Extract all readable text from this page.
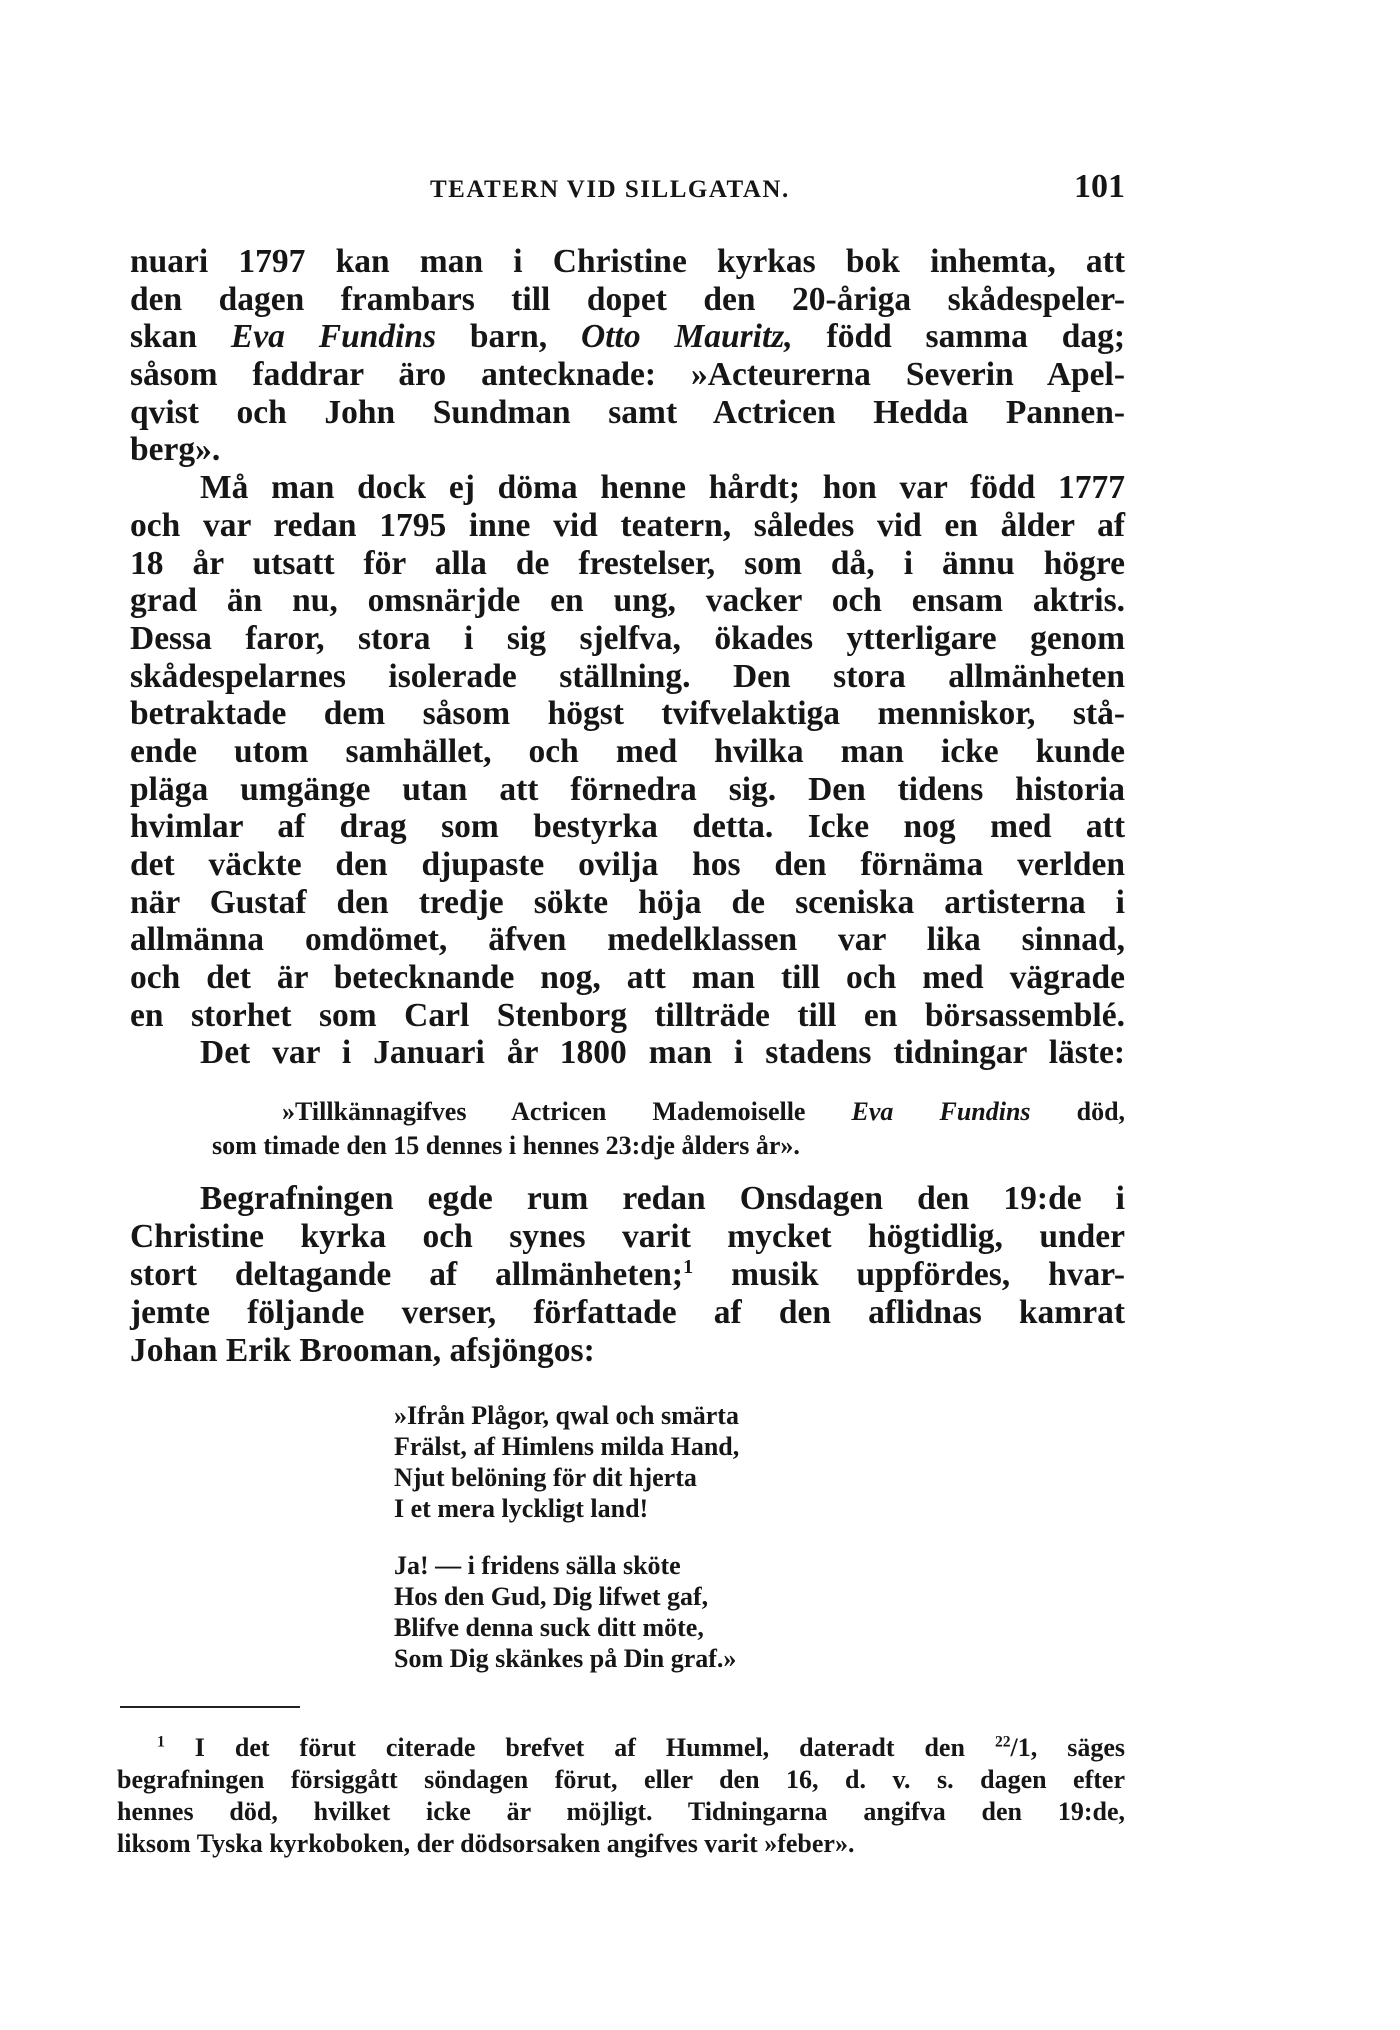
TEATERN VID SILLGATAN.	101
nuari 1797 kan man i Christine kyrkas bok inhemta, att
den dagen frambars till dopet den 20-åriga skådespeler-
skan Eva Fundins barn, Otto Mauritz, född samma dag;
såsom faddrar äro antecknade: »Acteurerna Severin Apel-
qvist och John Sundman samt Actricen Hedda Pannen-
berg».
Må man dock ej döma henne hårdt; hon var född 1777
och var redan 1795 inne vid teatern, således vid en ålder af
18 år utsatt för alla de frestelser, som då, i ännu högre
grad än nu, omsnärjde en ung, vacker och ensam aktris.
Dessa faror, stora i sig sjelfva, ökades ytterligare genom
skådespelarnes isolerade ställning. Den stora allmänheten
betraktade dem såsom högst tvifvelaktiga menniskor, stå-
ende utom samhället, och med hvilka man icke kunde
pläga umgänge utan att förnedra sig. Den tidens historia
hvimlar af drag som bestyrka detta. Icke nog med att
det väckte den djupaste ovilja hos den förnäma verlden
när Gustaf den tredje sökte höja de sceniska artisterna i
allmänna omdömet, äfven medelklassen var lika sinnad,
och det är betecknande nog, att man till och med vägrade
en storhet som Carl Stenborg tillträde till en börsassemblé.
Det var i Januari år 1800 man i stadens tidningar läste:
»Tillkännagifves Actricen Mademoiselle Eva Fundins död,
som timade den 15 dennes i hennes 23:dje ålders år».
Begrafningen egde rum redan Onsdagen den 19:de i
Christine kyrka och synes varit mycket högtidlig, under
stort deltagande af allmänheten;$^1$ musik uppfördes, hvar-
jemte följande verser, författade af den aflidnas kamrat
Johan Erik Brooman, afsjöngos:
»Ifrån Plågor, qwal och smärta
Frälst, af Himlens milda Hand,
Njut belöning för dit hjerta
I et mera lyckligt land!
Ja! — i fridens sälla sköte
Hos den Gud, Dig lifwet gaf,
Blifve denna suck ditt möte,
Som Dig skänkes på Din graf.»
$^1$ I det förut citerade brefvet af Hummel, dateradt den $^{22}$/1, säges
begrafningen försiggått söndagen förut, eller den 16, d. v. s. dagen efter
hennes död, hvilket icke är möjligt. Tidningarna angifva den 19:de,
liksom Tyska kyrkoboken, der dödsorsaken angifves varit »feber».
